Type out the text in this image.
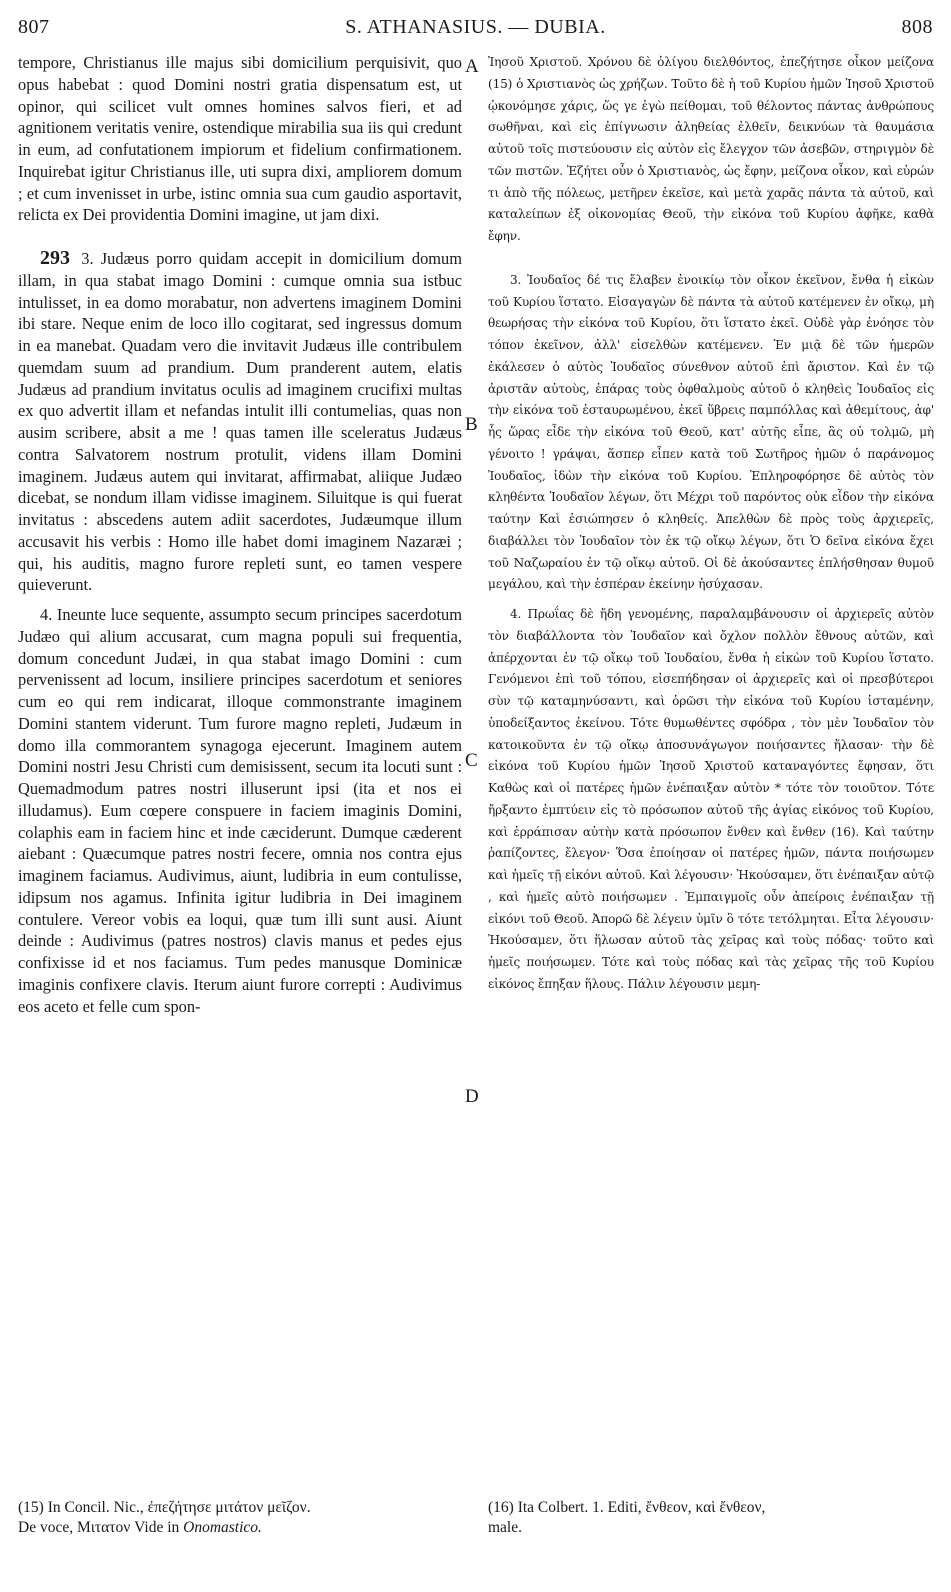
807	S. ATHANASIUS. — DUBIA.	808

tempore, Christianus ille majus sibi domicilium perquisivit, quo opus habebat : quod Domini nostri gratia dispensatum est, ut opinor, qui scilicet vult omnes homines salvos fieri, et ad agnitionem veritatis venire, ostendique mirabilia sua iis qui credunt in eum, ad confutationem impiorum et fidelium confirmationem. Inquirebat igitur Christianus ille, uti supra dixi, ampliorem domum ; et cum invenisset in urbe, istinc omnia sua cum gaudio asportavit, relicta ex Dei providentia Domini imagine, ut jam dixi.

293 3. Judæus porro quidam accepit in domicilium domum illam, in qua stabat imago Domini : cumque omnia sua istbuc intulisset, in ea domo morabatur, non advertens imaginem Domini ibi stare. Neque enim de loco illo cogitarat, sed ingressus domum in ea manebat. Quadam vero die invitavit Judæus ille contribulem quemdam suum ad prandium. Dum pranderent autem, elatis Judæus ad prandium invitatus oculis ad imaginem crucifixi multas ex quo advertit illam et nefandas intulit illi contumelias, quas non ausim scribere, absit a me ! quas tamen ille sceleratus Judæus contra Salvatorem nostrum protulit, videns illam Domini imaginem. Judæus autem qui invitarat, affirmabat, aliique Judæo dicebat, se nondum illam vidisse imaginem. Siluitque is qui fuerat invitatus : abscedens autem adiit sacerdotes, Judæumque illum accusavit his verbis : Homo ille habet domi imaginem Nazaræi ; qui, his auditis, magno furore repleti sunt, eo tamen vespere quieverunt.

4. Ineunte luce sequente, assumpto secum principes sacerdotum Judæo qui alium accusarat, cum magna populi sui frequentia, domum concedunt Judæi, in qua stabat imago Domini : cum pervenissent ad locum, insiliere principes sacerdotum et seniores cum eo qui rem indicarat, illoque commonstrante imaginem Domini stantem viderunt. Tum furore magno repleti, Judæum in domo illa commorantem synagoga ejecerunt. Imaginem autem Domini nostri Jesu Christi cum demisissent, secum ita locuti sunt : Quemadmodum patres nostri illuserunt ipsi (ita et nos ei illudamus). Eum cœpere conspuere in faciem imaginis Domini, colaphis eam in faciem hinc et inde cæciderunt. Dumque cæderent aiebant : Quæcumque patres nostri fecere, omnia nos contra ejus imaginem faciamus. Audivimus, aiunt, ludibria in eum contulisse, idipsum nos agamus. Infinita igitur ludibria in Dei imaginem contulere. Vereor vobis ea loqui, quæ tum illi sunt ausi. Aiunt deinde : Audivimus (patres nostros) clavis manus et pedes ejus confixisse id et nos faciamus. Tum pedes manusque Dominicæ imaginis confixere clavis. Iterum aiunt furore correpti : Audivimus eos aceto et felle cum spon-

A
B
C
D

Ἰησοῦ Χριστοῦ. Χρόνου δὲ ὀλίγου διελθόντος, ἐπεζήτησε οἶκον μείζονα (15) ὁ Χριστιανὸς ὡς χρήζων. Τοῦτο δὲ ἡ τοῦ Κυρίου ἡμῶν Ἰησοῦ Χριστοῦ ᾠκονόμησε χάρις, ὥς γε ἐγὼ πείθομαι, τοῦ θέλοντος πάντας ἀνθρώπους σωθῆναι, καὶ εἰς ἐπίγνωσιν ἀληθείας ἐλθεῖν, δεικνύων τὰ θαυμάσια αὐτοῦ τοῖς πιστεύουσιν εἰς αὐτὸν εἰς ἔλεγχον τῶν ἀσεβῶν, στηριγμὸν δὲ τῶν πιστῶν. Ἐζήτει οὖν ὁ Χριστιανὸς, ὡς ἔφην, μείζονα οἶκον, καὶ εὑρών τι ἀπὸ τῆς πόλεως, μετῆρεν ἐκεῖσε, καὶ μετὰ χαρᾶς πάντα τὰ αὐτοῦ, καὶ καταλείπων ἐξ οἰκονομίας Θεοῦ, τὴν εἰκόνα τοῦ Κυρίου ἀφῆκε, καθὰ ἔφην.

3. Ἰουδαῖος δέ τις ἔλαβεν ἐνοικίῳ τὸν οἶκον ἐκεῖνον, ἔνθα ἡ εἰκὼν τοῦ Κυρίου ἵστατο. Εἰσαγαγὼν δὲ πάντα τὰ αὐτοῦ κατέμενεν ἐν οἴκῳ, μὴ θεωρήσας τὴν εἰκόνα τοῦ Κυρίου, ὅτι ἵστατο ἐκεῖ. Οὐδὲ γὰρ ἐνόησε τὸν τόπον ἐκεῖνον, ἀλλ' εἰσελθὼν κατέμενεν. Ἐν μιᾷ δὲ τῶν ἡμερῶν ἐκάλεσεν ὁ αὐτὸς Ἰουδαῖος σύνεθνον αὐτοῦ ἐπὶ ἄριστον. Καὶ ἐν τῷ ἀριστᾶν αὐτοὺς, ἐπάρας τοὺς ὀφθαλμοὺς αὐτοῦ ὁ κληθεὶς Ἰουδαῖος εἰς τὴν εἰκόνα τοῦ ἐσταυρωμένου, ἐκεῖ ὕβρεις παμπόλλας καὶ ἀθεμίτους, ἀφ' ἧς ὥρας εἶδε τὴν εἰκόνα τοῦ Θεοῦ, κατ' αὐτῆς εἶπε, ἃς οὐ τολμῶ, μὴ γένοιτο ! γράψαι, ἅσπερ εἶπεν κατὰ τοῦ Σωτῆρος ἡμῶν ὁ παράνομος Ἰουδαῖος, ἰδὼν τὴν εἰκόνα τοῦ Κυρίου. Ἐπληροφόρησε δὲ αὐτὸς τὸν κληθέντα Ἰουδαῖον λέγων, ὅτι Μέχρι τοῦ παρόντος οὐκ εἶδον τὴν εἰκόνα ταύτην Καὶ ἐσιώπησεν ὁ κληθείς. Ἀπελθὼν δὲ πρὸς τοὺς ἀρχιερεῖς, διαβάλλει τὸν Ἰουδαῖον τὸν ἐκ τῷ οἴκῳ λέγων, ὅτι Ὁ δεῖνα εἰκόνα ἔχει τοῦ Ναζωραίου ἐν τῷ οἴκῳ αὐτοῦ. Οἱ δὲ ἀκούσαντες ἐπλήσθησαν θυμοῦ μεγάλου, καὶ τὴν ἑσπέραν ἐκείνην ἡσύχασαν.

4. Πρωΐας δὲ ἤδη γενομένης, παραλαμβάνουσιν οἱ ἀρχιερεῖς αὐτὸν τὸν διαβάλλοντα τὸν Ἰουδαῖον καὶ ὄχλον πολλὸν ἔθνους αὐτῶν, καὶ ἀπέρχονται ἐν τῷ οἴκῳ τοῦ Ἰουδαίου, ἔνθα ἡ εἰκὼν τοῦ Κυρίου ἵστατο. Γενόμενοι ἐπὶ τοῦ τόπου, εἰσεπήδησαν οἱ ἀρχιερεῖς καὶ οἱ πρεσβύτεροι σὺν τῷ καταμηνύσαντι, καὶ ὁρῶσι τὴν εἰκόνα τοῦ Κυρίου ἱσταμένην, ὑποδείξαντος ἐκείνου. Τότε θυμωθέντες σφόδρα , τὸν μὲν Ἰουδαῖον τὸν κατοικοῦντα ἐν τῷ οἴκῳ ἀποσυνάγωγον ποιήσαντες ἤλασαν· τὴν δὲ εἰκόνα τοῦ Κυρίου ἡμῶν Ἰησοῦ Χριστοῦ καταναγόντες ἔφησαν, ὅτι Καθὼς καὶ οἱ πατέρες ἡμῶν ἐνέπαιξαν αὐτὸν * τότε τὸν τοιοῦτον. Τότε ἤρξαντο ἐμπτύειν εἰς τὸ πρόσωπον αὐτοῦ τῆς ἁγίας εἰκόνος τοῦ Κυρίου, καὶ ἐρράπισαν αὐτὴν κατὰ πρόσωπον ἔνθεν καὶ ἔνθεν (16). Καὶ ταύτην ῥαπίζοντες, ἔλεγον· Ὅσα ἐποίησαν οἱ πατέρες ἡμῶν, πάντα ποιήσωμεν καὶ ἡμεῖς τῇ εἰκόνι αὐτοῦ. Καὶ λέγουσιν· Ἠκούσαμεν, ὅτι ἐνέπαιξαν αὐτῷ , καὶ ἡμεῖς αὐτὸ ποιήσωμεν . Ἐμπαιγμοῖς οὖν ἀπείροις ἐνέπαιξαν τῇ εἰκόνι τοῦ Θεοῦ. Ἀπορῶ δὲ λέγειν ὑμῖν ὃ τότε τετόλμηται. Εἶτα λέγουσιν· Ἠκούσαμεν, ὅτι ἥλωσαν αὐτοῦ τὰς χεῖρας καὶ τοὺς πόδας· τοῦτο καὶ ἡμεῖς ποιήσωμεν. Τότε καὶ τοὺς πόδας καὶ τὰς χεῖρας τῆς τοῦ Κυρίου εἰκόνος ἔπηξαν ἥλους. Πάλιν λέγουσιν μεμη-

(15) In Concil. Nic., ἐπεζήτησε μιτάτον μεῖζον.
De voce, Μιτατον Vide in Onomastico.
(16) Ita Colbert. 1. Editi, ἔνθεον, καὶ ἔνθεον,
male.
